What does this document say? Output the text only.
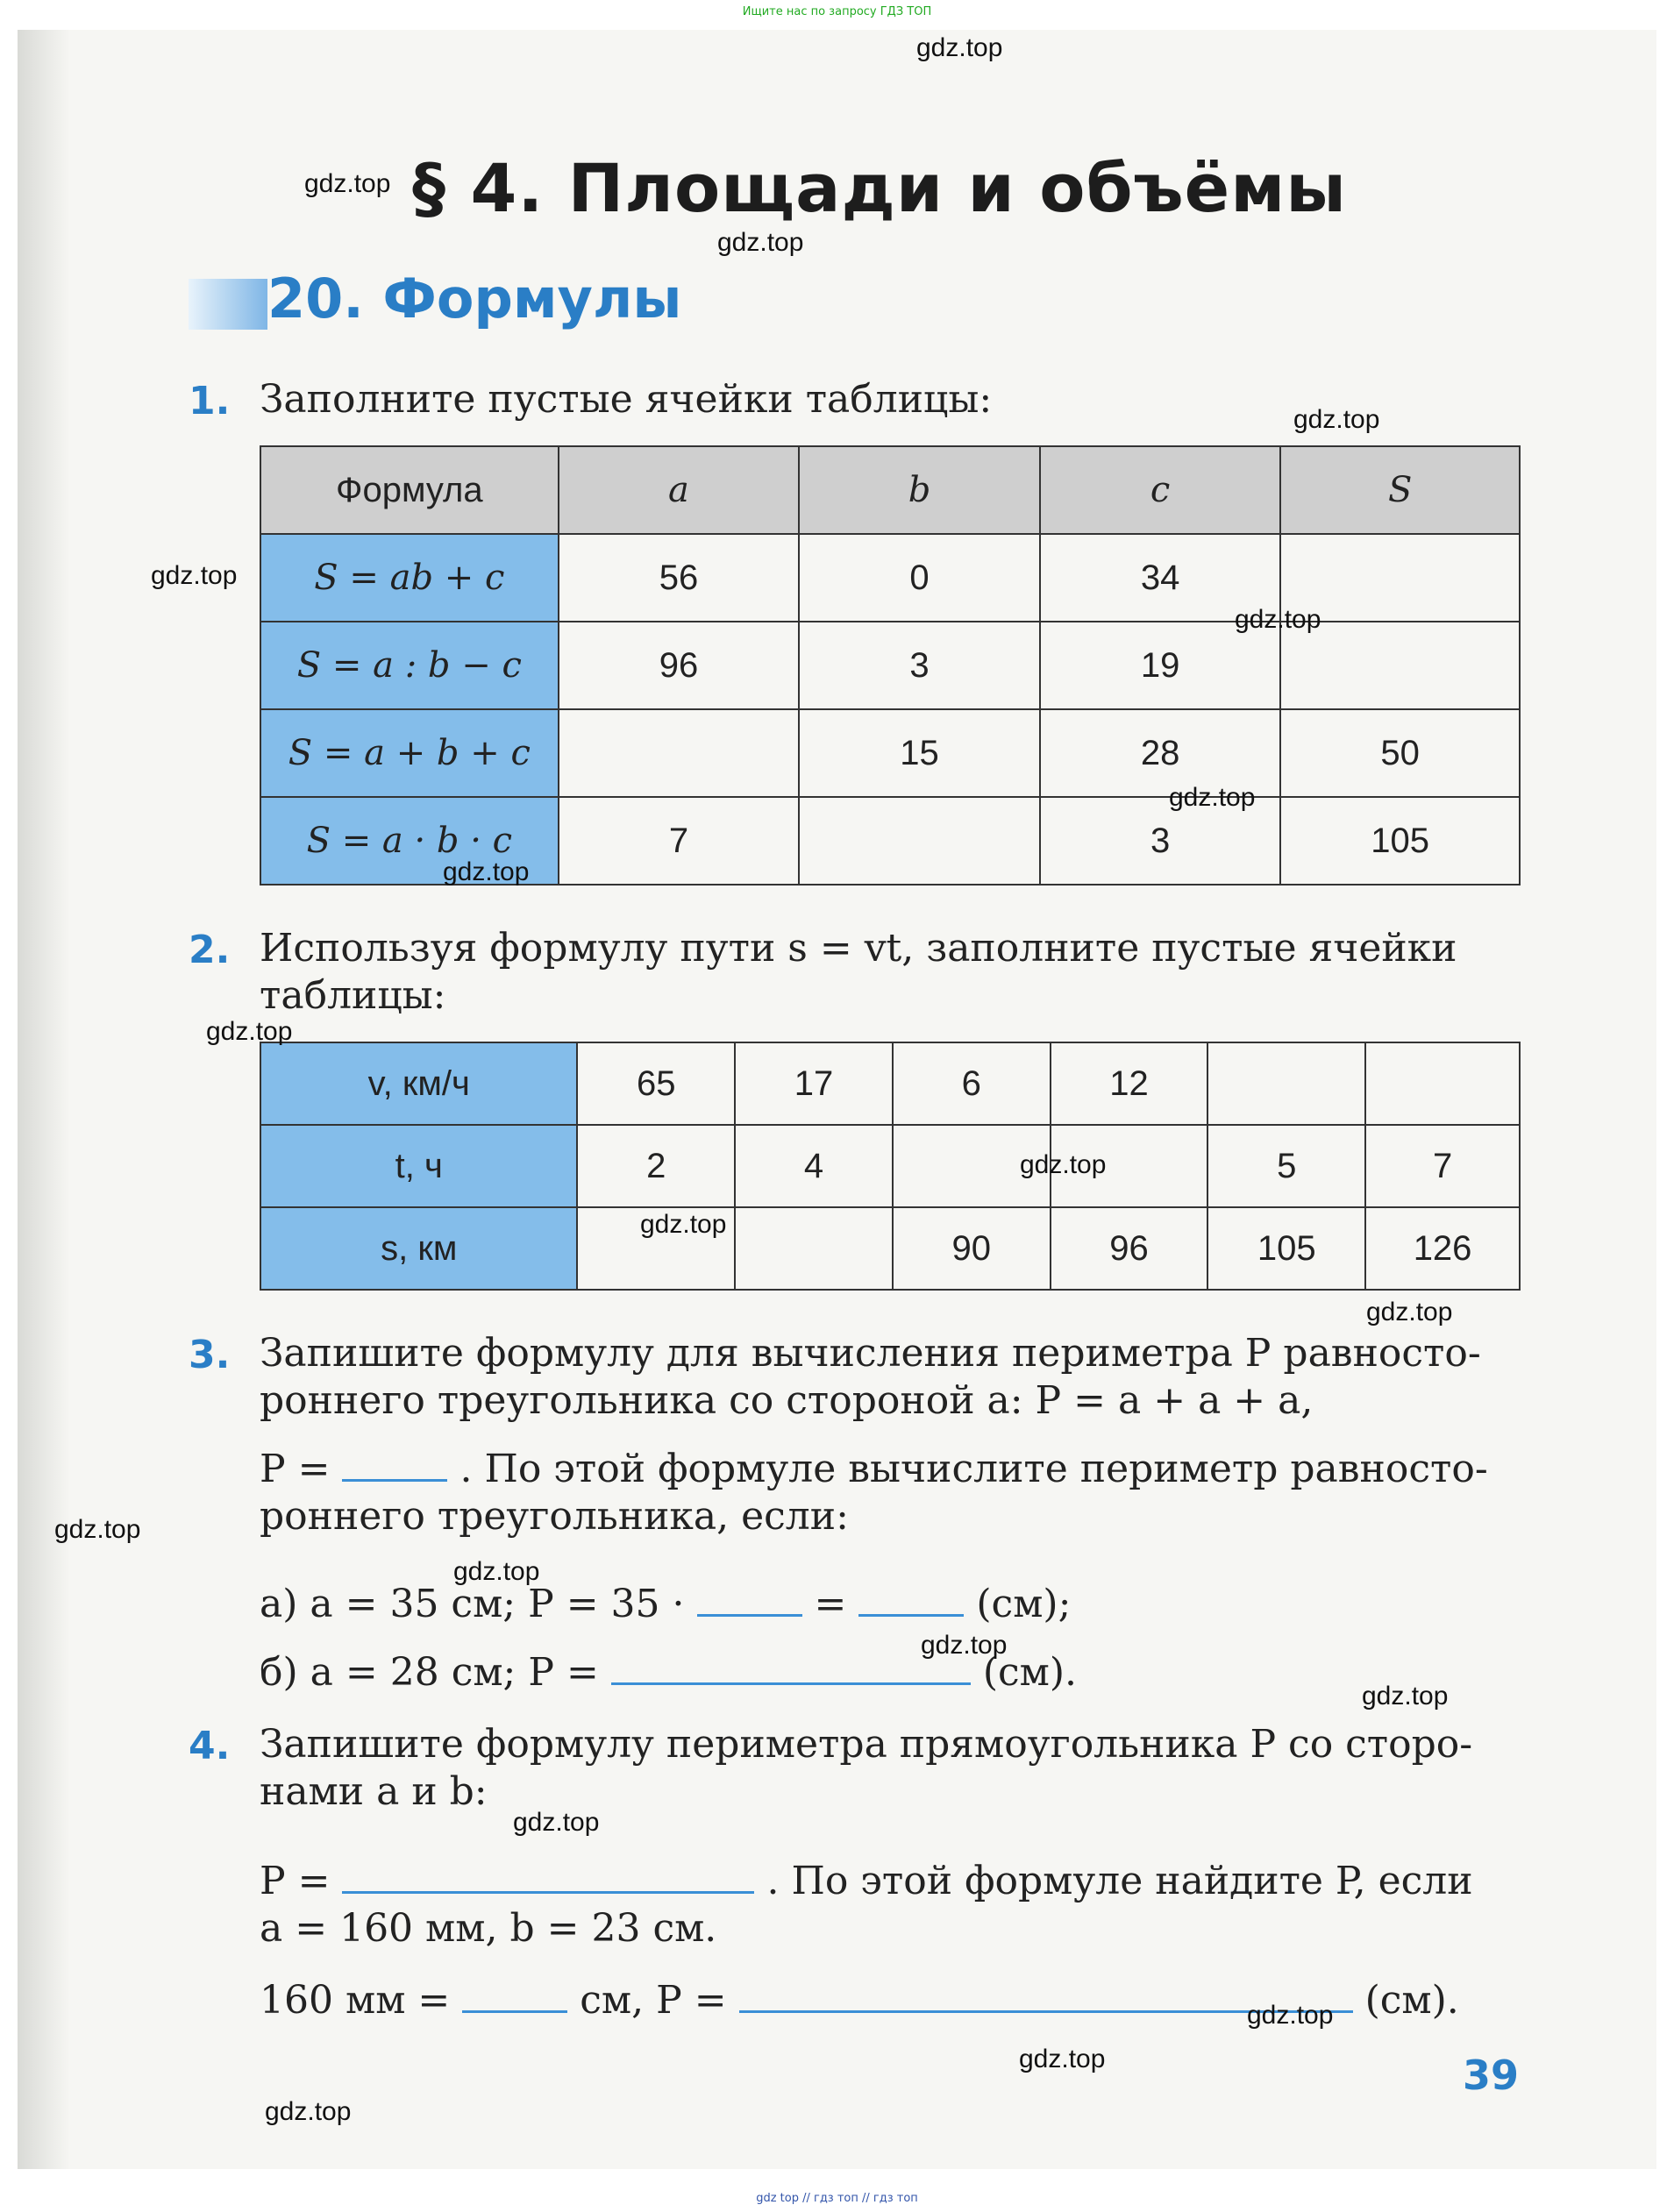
Ищите нас по запросу ГДЗ ТОП
§ 4. Площади и объёмы
20. Формулы
1. Заполните пустые ячейки таблицы:
Формула	a	b	c	S
S = ab + c	56	0	34	
S = a : b − c	96	3	19	
S = a + b + c		15	28	50
S = a · b · c	7		3	105
2. Используя формулу пути s = vt, заполните пустые ячейки
таблицы:
v, км/ч	65	17	6	12		
t, ч	2	4			5	7
s, км			90	96	105	126
3. Запишите формулу для вычисления периметра P равносто-
роннего треугольника со стороной a: P = a + a + a,
P =	. По этой формуле вычислите периметр равносто-
роннего треугольника, если:
а) a = 35 см; P = 35 ·	=	(см);
б) a = 28 см; P =	(см).
4. Запишите формулу периметра прямоугольника P со сторо-
нами a и b:
P =	. По этой формуле найдите P, если
a = 160 мм, b = 23 см.
160 мм =	см, P =	(см).
39
gdz.top
gdz.top
gdz.top
gdz.top
gdz.top
gdz.top
gdz.top
gdz.top
gdz.top
gdz.top
gdz.top
gdz.top
gdz.top
gdz.top
gdz.top
gdz.top
gdz.top
gdz.top
gdz.top
gdz.top
gdz top // гдз топ // гдз топ
